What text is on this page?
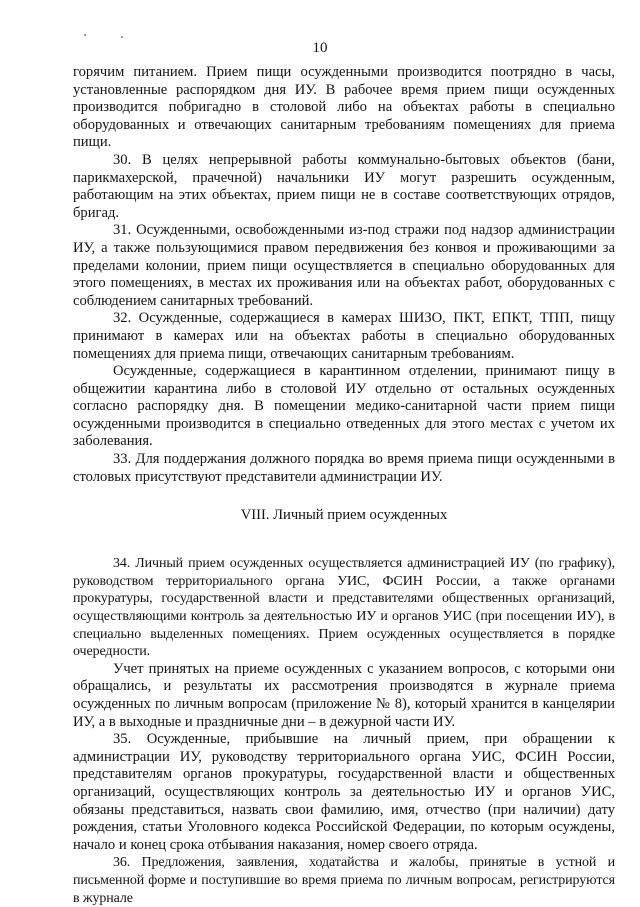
10

горячим питанием. Прием пищи осужденными производится поотрядно в часы, установленные распорядком дня ИУ. В рабочее время прием пищи осужденных производится побригадно в столовой либо на объектах работы в специально оборудованных и отвечающих санитарным требованиям помещениях для приема пищи.

30. В целях непрерывной работы коммунально-бытовых объектов (бани, парикмахерской, прачечной) начальники ИУ могут разрешить осужденным, работающим на этих объектах, прием пищи не в составе соответствующих отрядов, бригад.

31. Осужденными, освобожденными из-под стражи под надзор администрации ИУ, а также пользующимися правом передвижения без конвоя и проживающими за пределами колонии, прием пищи осуществляется в специально оборудованных для этого помещениях, в местах их проживания или на объектах работ, оборудованных с соблюдением санитарных требований.

32. Осужденные, содержащиеся в камерах ШИЗО, ПКТ, ЕПКТ, ТПП, пищу принимают в камерах или на объектах работы в специально оборудованных помещениях для приема пищи, отвечающих санитарным требованиям.

Осужденные, содержащиеся в карантинном отделении, принимают пищу в общежитии карантина либо в столовой ИУ отдельно от остальных осужденных согласно распорядку дня. В помещении медико-санитарной части прием пищи осужденными производится в специально отведенных для этого местах с учетом их заболевания.

33. Для поддержания должного порядка во время приема пищи осужденными в столовых присутствуют представители администрации ИУ.

VIII. Личный прием осужденных

34. Личный прием осужденных осуществляется администрацией ИУ (по графику), руководством территориального органа УИС, ФСИН России, а также органами прокуратуры, государственной власти и представителями общественных организаций, осуществляющими контроль за деятельностью ИУ и органов УИС (при посещении ИУ), в специально выделенных помещениях. Прием осужденных осуществляется в порядке очередности.

Учет принятых на приеме осужденных с указанием вопросов, с которыми они обращались, и результаты их рассмотрения производятся в журнале приема осужденных по личным вопросам (приложение № 8), который хранится в канцелярии ИУ, а в выходные и праздничные дни – в дежурной части ИУ.

35. Осужденные, прибывшие на личный прием, при обращении к администрации ИУ, руководству территориального органа УИС, ФСИН России, представителям органов прокуратуры, государственной власти и общественных организаций, осуществляющих контроль за деятельностью ИУ и органов УИС, обязаны представиться, назвать свои фамилию, имя, отчество (при наличии) дату рождения, статьи Уголовного кодекса Российской Федерации, по которым осуждены, начало и конец срока отбывания наказания, номер своего отряда.

36. Предложения, заявления, ходатайства и жалобы, принятые в устной и письменной форме и поступившие во время приема по личным вопросам, регистрируются в журнале
